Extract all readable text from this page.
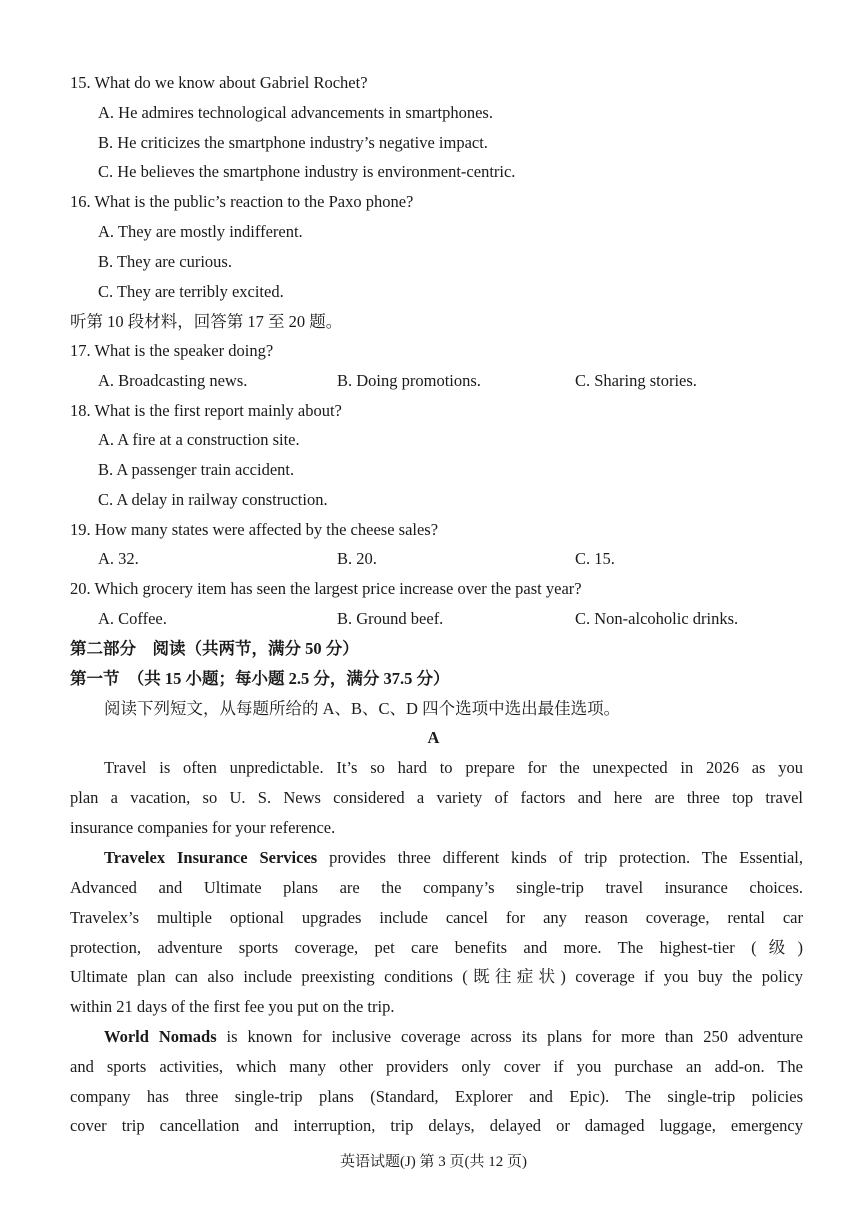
15. What do we know about Gabriel Rochet?
A. He admires technological advancements in smartphones.
B. He criticizes the smartphone industry’s negative impact.
C. He believes the smartphone industry is environment-centric.
16. What is the public’s reaction to the Paxo phone?
A. They are mostly indifferent.
B. They are curious.
C. They are terribly excited.
听第 10 段材料，回答第 17 至 20 题。
17. What is the speaker doing?
A. Broadcasting news.	B. Doing promotions.	C. Sharing stories.
18. What is the first report mainly about?
A. A fire at a construction site.
B. A passenger train accident.
C. A delay in railway construction.
19. How many states were affected by the cheese sales?
A. 32.	B. 20.	C. 15.
20. Which grocery item has seen the largest price increase over the past year?
A. Coffee.	B. Ground beef.	C. Non-alcoholic drinks.
第二部分　阅读（共两节，满分 50 分）
第一节　（共 15 小题；每小题 2.5 分，满分 37.5 分）
阅读下列短文，从每题所给的 A、B、C、D 四个选项中选出最佳选项。
A
Travel is often unpredictable. It’s so hard to prepare for the unexpected in 2026 as you
plan a vacation, so U. S. News considered a variety of factors and here are three top travel
insurance companies for your reference.
Travelex Insurance Services provides three different kinds of trip protection. The Essential,
Advanced and Ultimate plans are the company’s single-trip travel insurance choices.
Travelex’s multiple optional upgrades include cancel for any reason coverage, rental car
protection, adventure sports coverage, pet care benefits and more. The highest-tier (级)
Ultimate plan can also include preexisting conditions (既往症状) coverage if you buy the policy
within 21 days of the first fee you put on the trip.
World Nomads is known for inclusive coverage across its plans for more than 250 adventure
and sports activities, which many other providers only cover if you purchase an add-on. The
company has three single-trip plans (Standard, Explorer and Epic). The single-trip policies
cover trip cancellation and interruption, trip delays, delayed or damaged luggage, emergency
英语试题(J) 第 3 页(共 12 页)
